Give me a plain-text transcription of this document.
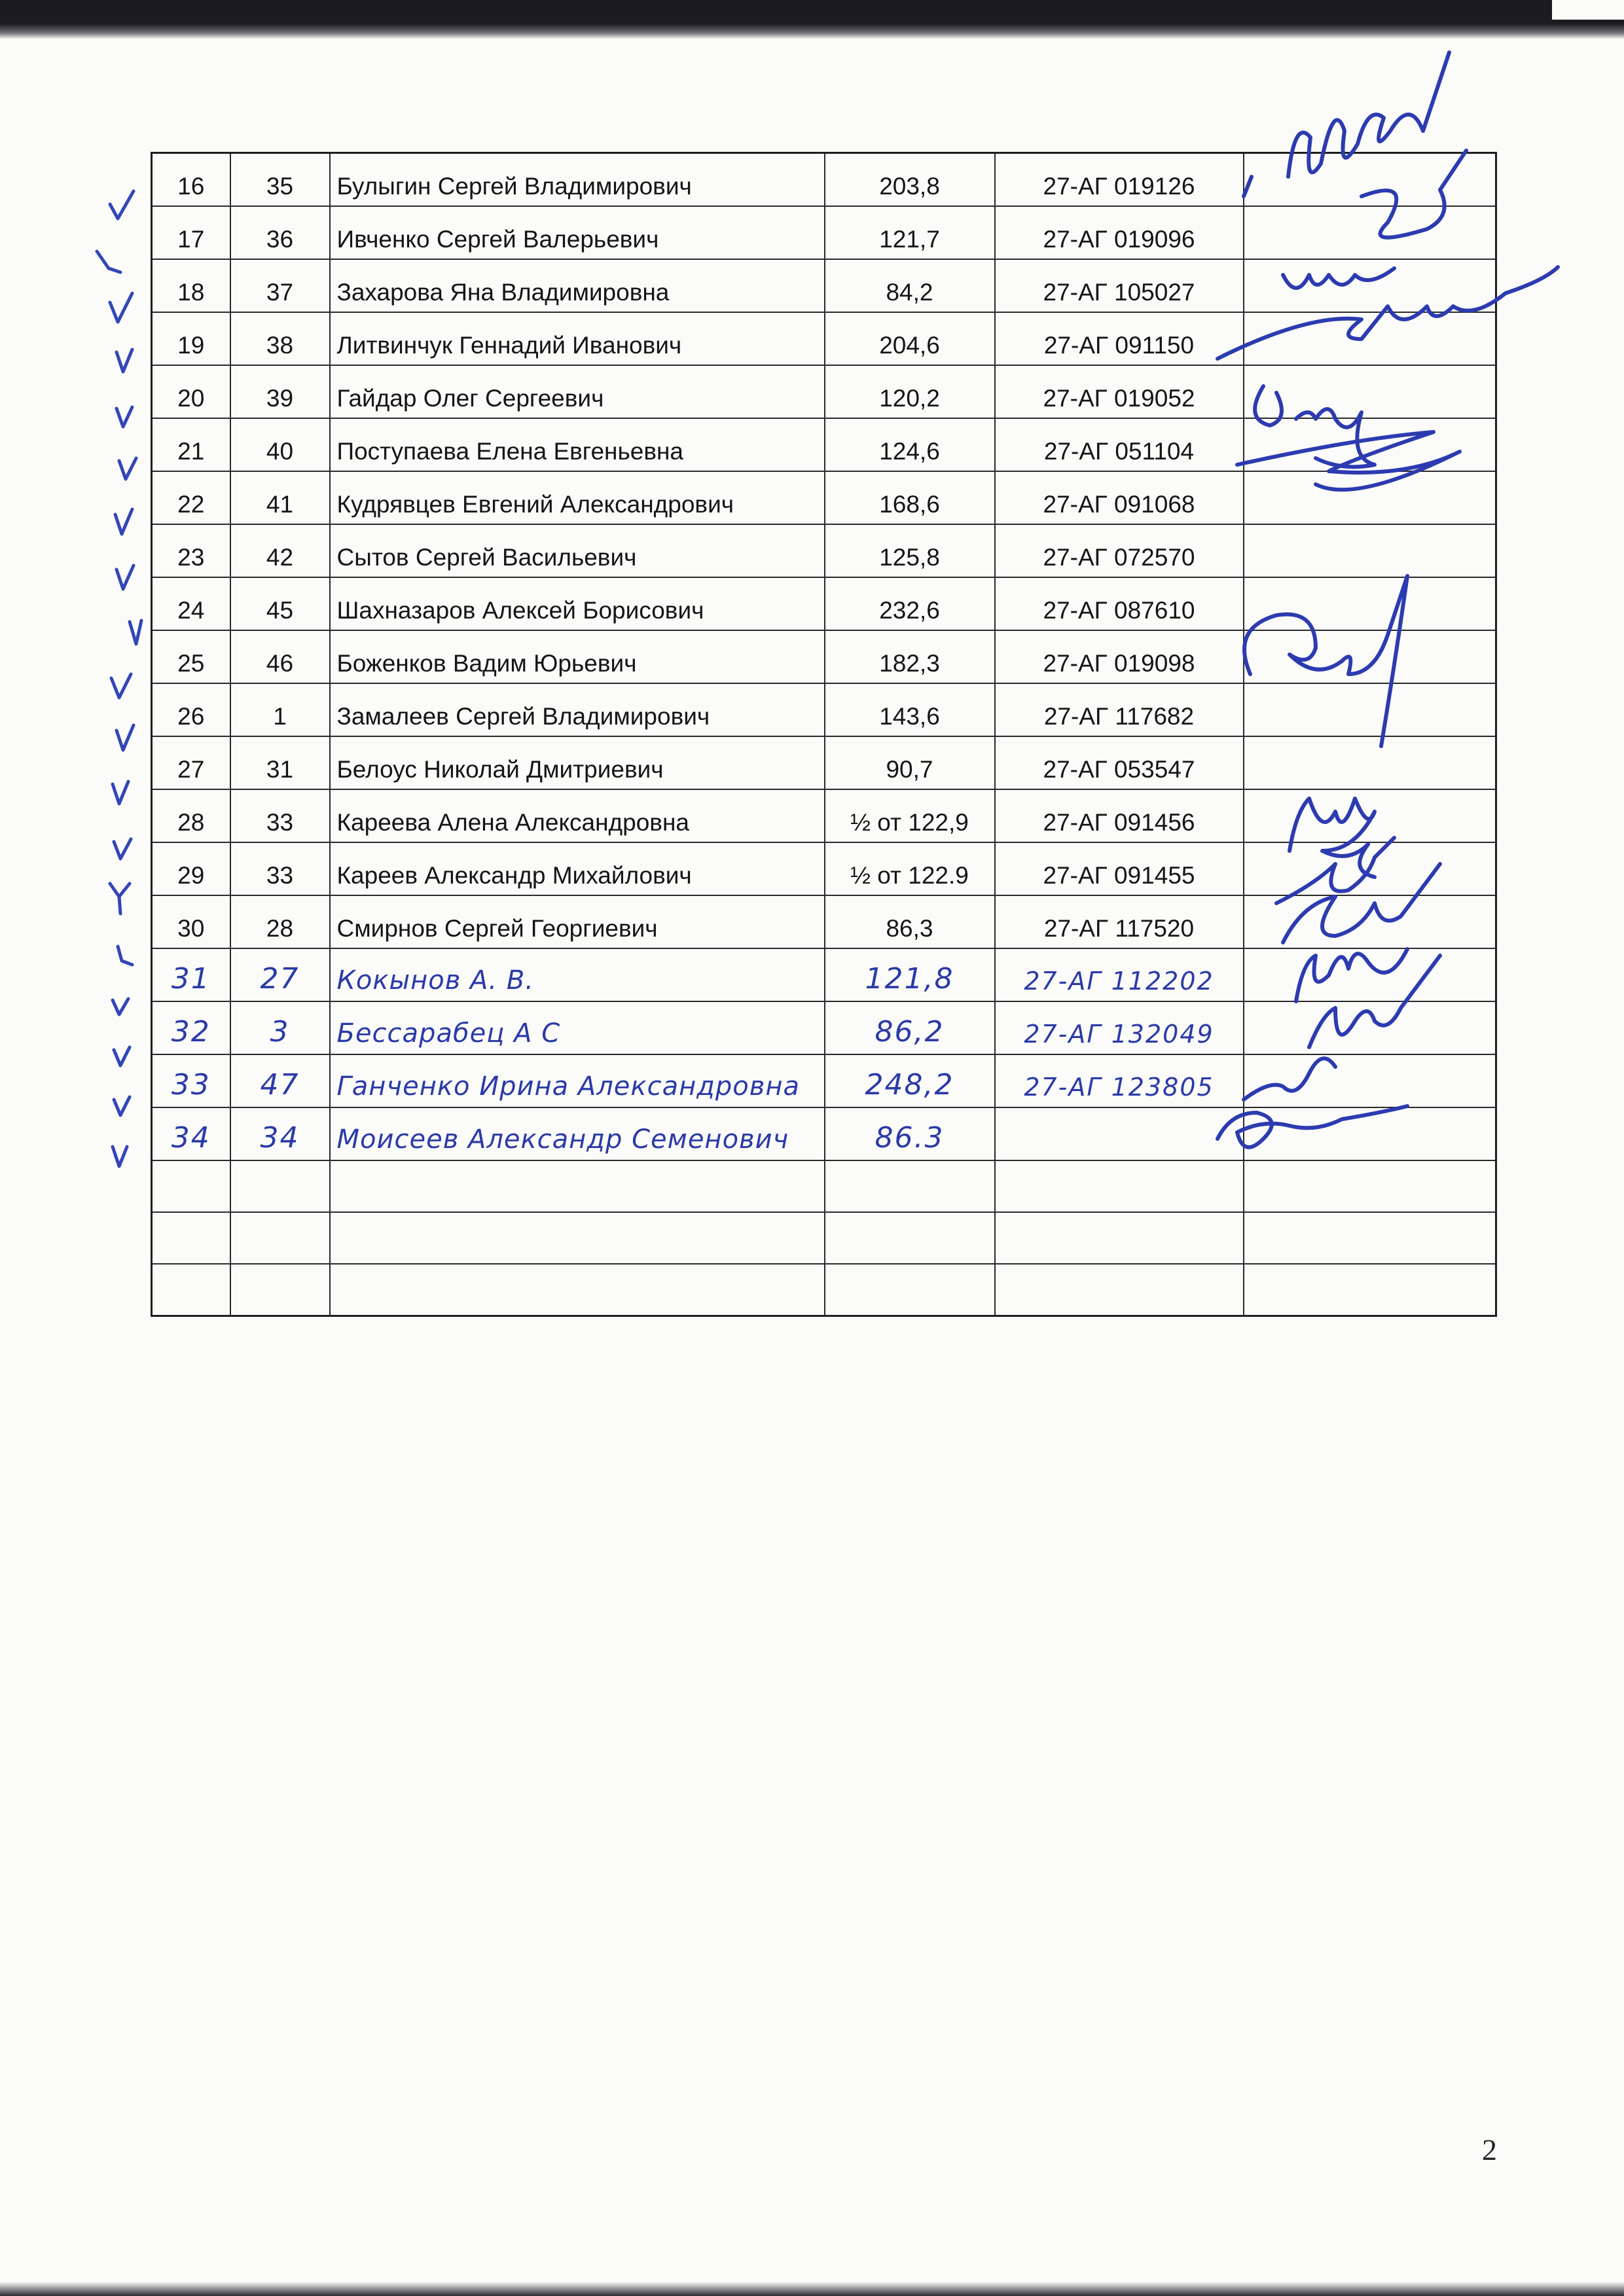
16	35	Булыгин Сергей Владимирович	203,8	27-АГ 019126	

17	36	Ивченко Сергей Валерьевич	121,7	27-АГ 019096	

18	37	Захарова Яна Владимировна	84,2	27-АГ 105027	

19	38	Литвинчук Геннадий Иванович	204,6	27-АГ 091150	

20	39	Гайдар Олег Сергеевич	120,2	27-АГ 019052	

21	40	Поступаева Елена Евгеньевна	124,6	27-АГ 051104	

22	41	Кудрявцев Евгений Александрович	168,6	27-АГ 091068	

23	42	Сытов Сергей Васильевич	125,8	27-АГ 072570	

24	45	Шахназаров Алексей Борисович	232,6	27-АГ 087610	

25	46	Боженков Вадим Юрьевич	182,3	27-АГ 019098	

26	1	Замалеев Сергей Владимирович	143,6	27-АГ 117682	

27	31	Белоус Николай Дмитриевич	90,7	27-АГ 053547	

28	33	Кареева Алена Александровна	½ от 122,9	27-АГ 091456	

29	33	Кареев Александр Михайлович	½ от 122.9	27-АГ 091455	

30	28	Смирнов Сергей Георгиевич	86,3	27-АГ 117520	

31	27	Кокынов А. В.	121,8	27-АГ 112202	

32	3	Бессарабец А С	86,2	27-АГ 132049	

33	47	Ганченко Ирина Александровна	248,2	27-АГ 123805	

34	34	Моисеев Александр Семенович	86.3		

2
